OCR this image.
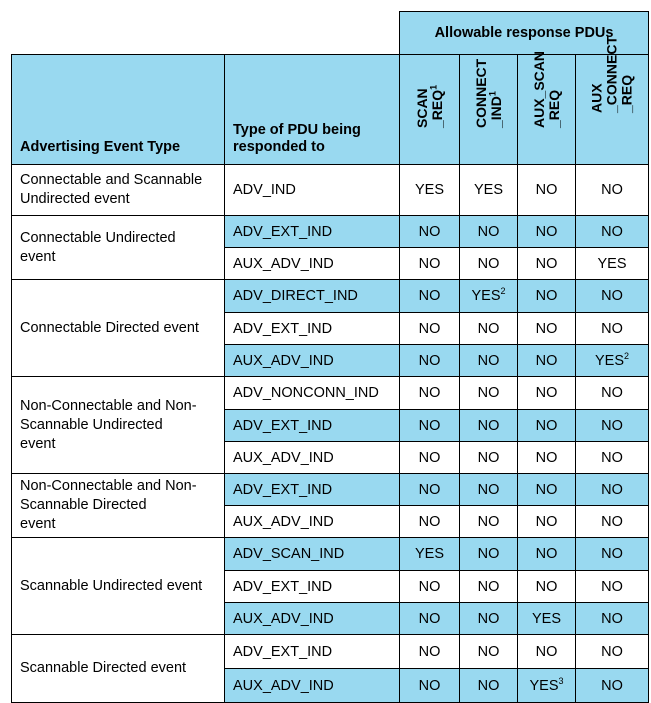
		Allowable response PDUs			
Advertising Event Type	Type of PDU being
responded to	SCAN _REQ$^1$	CONNECT _IND$^1$	AUX_SCAN _REQ	AUX _CONNECT _REQ

Connectable and Scannable
Undirected event	ADV_IND	YES	YES	NO	NO

Connectable Undirected
event	ADV_EXT_IND	NO	NO	NO	NO
	AUX_ADV_IND	NO	NO	NO	YES

Connectable Directed event	ADV_DIRECT_IND	NO	YES$^2$	NO	NO
	ADV_EXT_IND	NO	NO	NO	NO
	AUX_ADV_IND	NO	NO	NO	YES$^2$

Non-Connectable and Non-
Scannable Undirected
event	ADV_NONCONN_IND	NO	NO	NO	NO
	ADV_EXT_IND	NO	NO	NO	NO
	AUX_ADV_IND	NO	NO	NO	NO

Non-Connectable and Non-
Scannable Directed
event	ADV_EXT_IND	NO	NO	NO	NO
	AUX_ADV_IND	NO	NO	NO	NO

Scannable Undirected event	ADV_SCAN_IND	YES	NO	NO	NO
	ADV_EXT_IND	NO	NO	NO	NO
	AUX_ADV_IND	NO	NO	YES	NO

Scannable Directed event	ADV_EXT_IND	NO	NO	NO	NO
	AUX_ADV_IND	NO	NO	YES$^3$	NO
